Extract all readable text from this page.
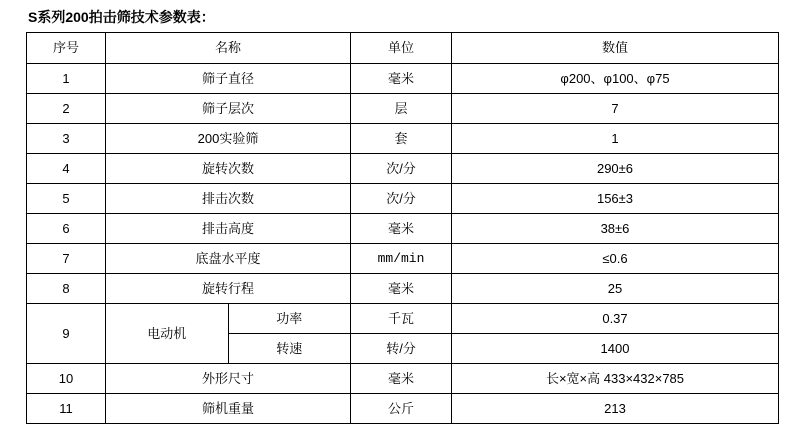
S系列200拍击筛技术参数表：
序号	名称		单位	数值
1	筛子直径		毫米	φ200、φ100、φ75
2	筛子层次		层	7
3	200实验筛		套	1
4	旋转次数		次/分	290±6
5	排击次数		次/分	156±3
6	排击高度		毫米	38±6
7	底盘水平度		mm/min	≤0.6
8	旋转行程		毫米	25
9	电动机	功率	千瓦	0.37
		转速	转/分	1400
10	外形尺寸		毫米	长×宽×高 433×432×785
11	筛机重量		公斤	213
